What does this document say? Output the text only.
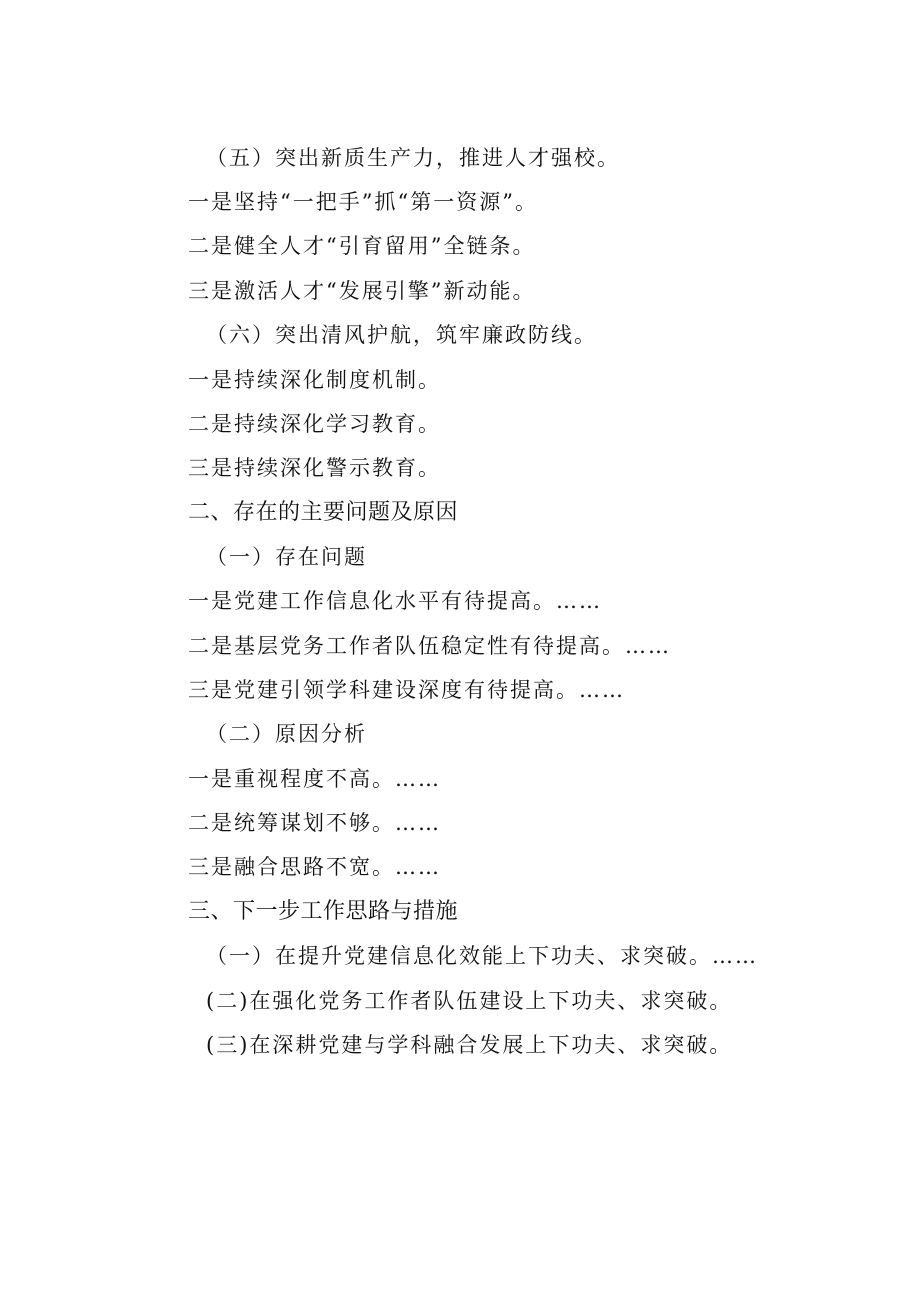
（五）突出新质生产力，推进人才强校。
一是坚持“一把手”抓“第一资源”。
二是健全人才“引育留用”全链条。
三是激活人才“发展引擎”新动能。
（六）突出清风护航，筑牢廉政防线。
一是持续深化制度机制。
二是持续深化学习教育。
三是持续深化警示教育。
二、存在的主要问题及原因
（一）存在问题
一是党建工作信息化水平有待提高。……
二是基层党务工作者队伍稳定性有待提高。……
三是党建引领学科建设深度有待提高。……
（二）原因分析
一是重视程度不高。……
二是统筹谋划不够。……
三是融合思路不宽。……
三、下一步工作思路与措施
（一）在提升党建信息化效能上下功夫、求突破。……
(二)在强化党务工作者队伍建设上下功夫、求突破。
(三)在深耕党建与学科融合发展上下功夫、求突破。
